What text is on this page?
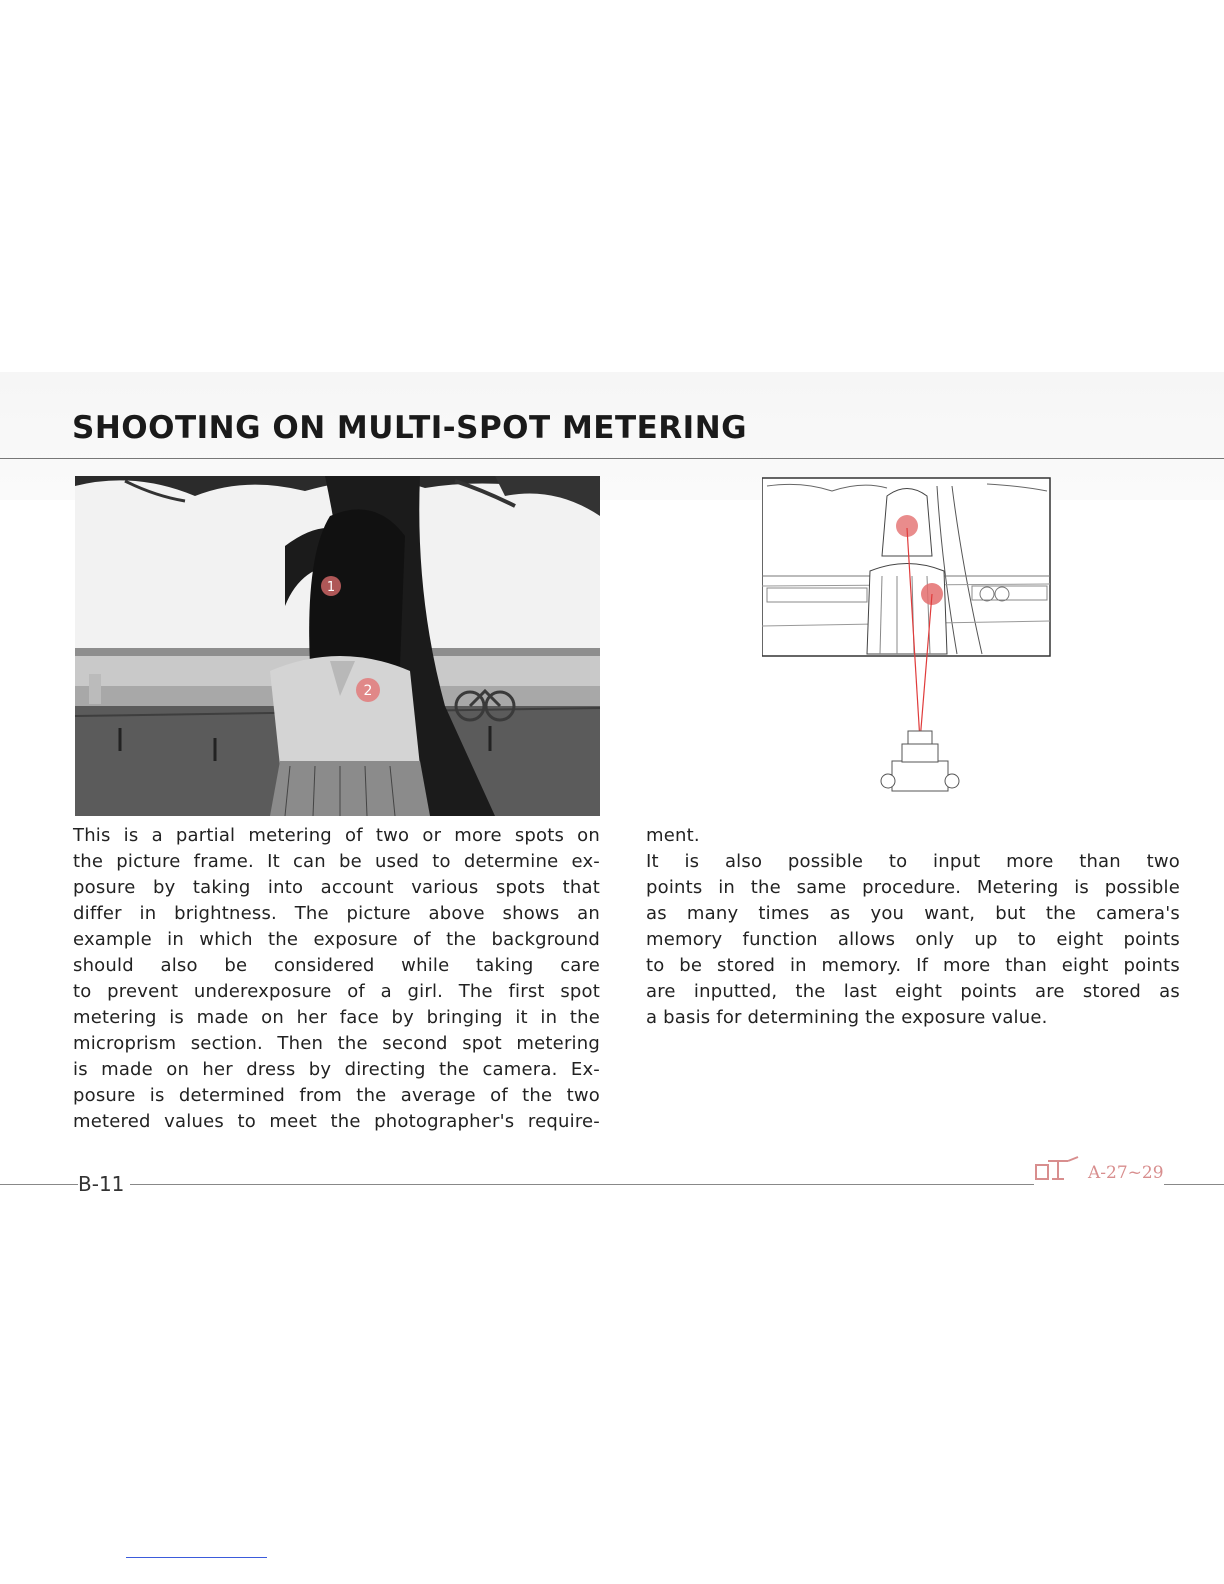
SHOOTING ON MULTI-SPOT METERING
1
2

This is a partial metering of two or more spots on
the picture frame. It can be used to determine ex-
posure by taking into account various spots that
differ in brightness. The picture above shows an
example in which the exposure of the background
should also be considered while taking care
to prevent underexposure of a girl. The first spot
metering is made on her face by bringing it in the
microprism section. Then the second spot metering
is made on her dress by directing the camera. Ex-
posure is determined from the average of the two
metered values to meet the photographer's require-

ment.
It is also possible to input more than two
points in the same procedure. Metering is possible
as many times as you want, but the camera's
memory function allows only up to eight points
to be stored in memory. If more than eight points
are inputted, the last eight points are stored as
a basis for determining the exposure value.

B-11	A-27~29
